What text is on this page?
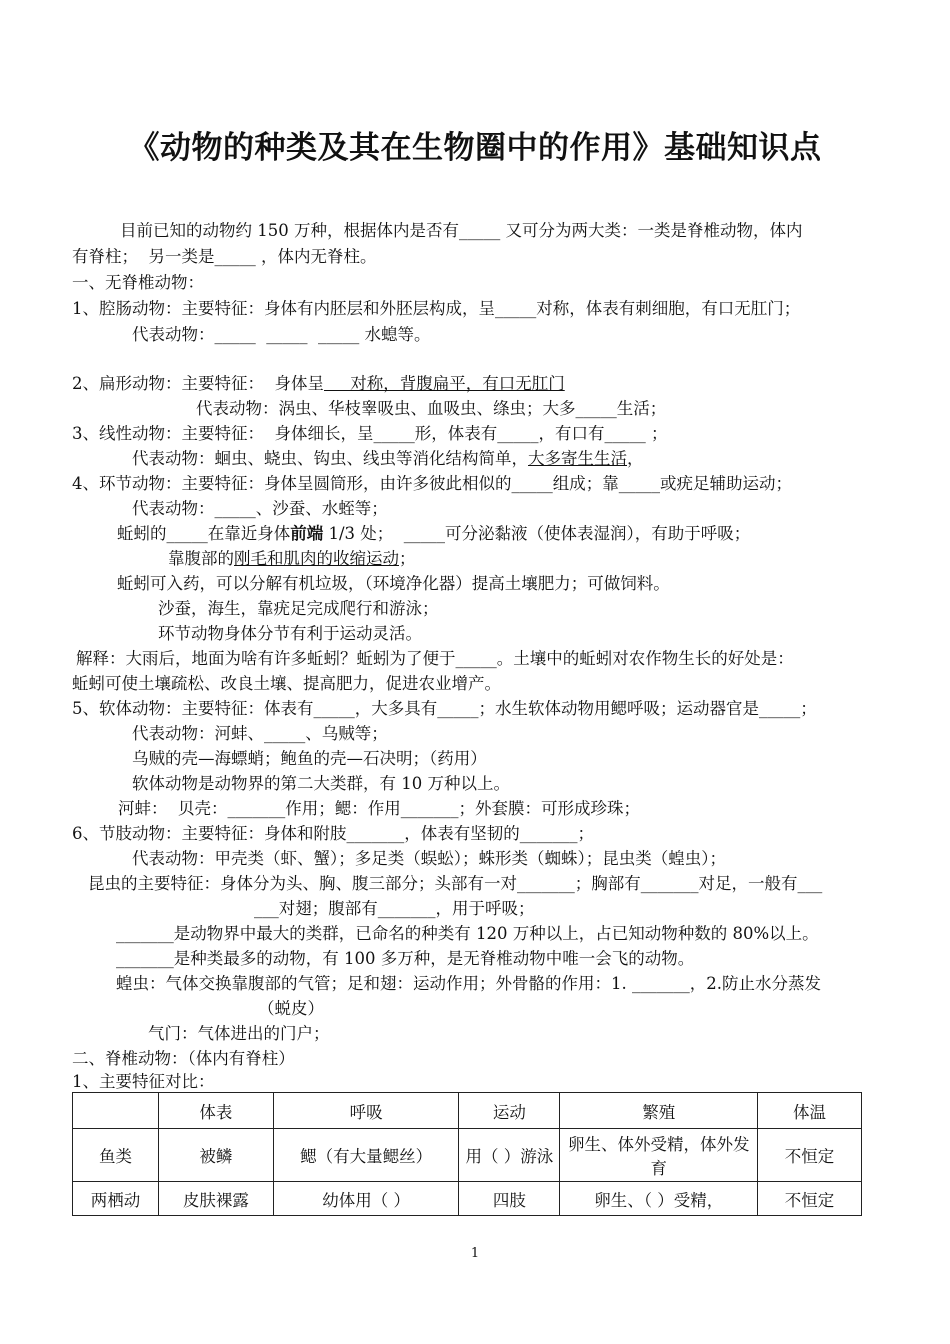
《动物的种类及其在生物圈中的作用》基础知识点
目前已知的动物约 150 万种，根据体内是否有_____ 又可分为两大类：一类是脊椎动物，体内
有脊柱；  另一类是_____ ，体内无脊柱。
一、无脊椎动物：
1、腔肠动物：主要特征：身体有内胚层和外胚层构成，呈_____对称，体表有刺细胞，有口无肛门；
代表动物：_____  _____  _____ 水螅等。
2、扁形动物：主要特征：  身体呈     对称，背腹扁平，有口无肛门
代表动物：涡虫、华枝睾吸虫、血吸虫、绦虫；大多_____生活；
3、线性动物：主要特征：  身体细长，呈_____形，体表有_____，有口有_____ ；
代表动物：蛔虫、蛲虫、钩虫、线虫等消化结构简单，大多寄生生活，
4、环节动物：主要特征：身体呈圆筒形，由许多彼此相似的_____组成；靠_____或疣足辅助运动；
代表动物：_____、沙蚕、水蛭等；
蚯蚓的_____在靠近身体前端 1/3 处；  _____可分泌黏液（使体表湿润），有助于呼吸；
靠腹部的刚毛和肌肉的收缩运动；
蚯蚓可入药，可以分解有机垃圾，（环境净化器）提高土壤肥力；可做饲料。
沙蚕，海生，靠疣足完成爬行和游泳；
环节动物身体分节有利于运动灵活。
解释：大雨后，地面为啥有许多蚯蚓？蚯蚓为了便于_____。土壤中的蚯蚓对农作物生长的好处是：
蚯蚓可使土壤疏松、改良土壤、提高肥力，促进农业增产。
5、软体动物：主要特征：体表有_____，大多具有_____；水生软体动物用鳃呼吸；运动器官是_____；
代表动物：河蚌、_____、乌贼等；
乌贼的壳—海螵蛸；鲍鱼的壳—石决明；（药用）
软体动物是动物界的第二大类群，有 10 万种以上。
河蚌：  贝壳：_______作用；鳃：作用_______；外套膜：可形成珍珠；
6、节肢动物：主要特征：身体和附肢_______，体表有坚韧的_______；
代表动物：甲壳类（虾、蟹）；多足类（蜈蚣）；蛛形类（蜘蛛）；昆虫类（蝗虫）；
昆虫的主要特征：身体分为头、胸、腹三部分；头部有一对_______；胸部有_______对足，一般有___
___对翅；腹部有_______，用于呼吸；
_______是动物界中最大的类群，已命名的种类有 120 万种以上，占已知动物种数的 80%以上。
_______是种类最多的动物，有 100 多万种，是无脊椎动物中唯一会飞的动物。
蝗虫：气体交换靠腹部的气管；足和翅：运动作用；外骨骼的作用：1. _______，2.防止水分蒸发
（蜕皮）
气门：气体进出的门户；
二、脊椎动物：（体内有脊柱）
1、主要特征对比：
	体表	呼吸	运动	繁殖	体温
鱼类	被鳞	鳃（有大量鳃丝）	用（ ）游泳	卵生、体外受精，体外发育	不恒定
两栖动	皮肤裸露	幼体用（ ）	四肢	卵生、（ ）受精，	不恒定
1
